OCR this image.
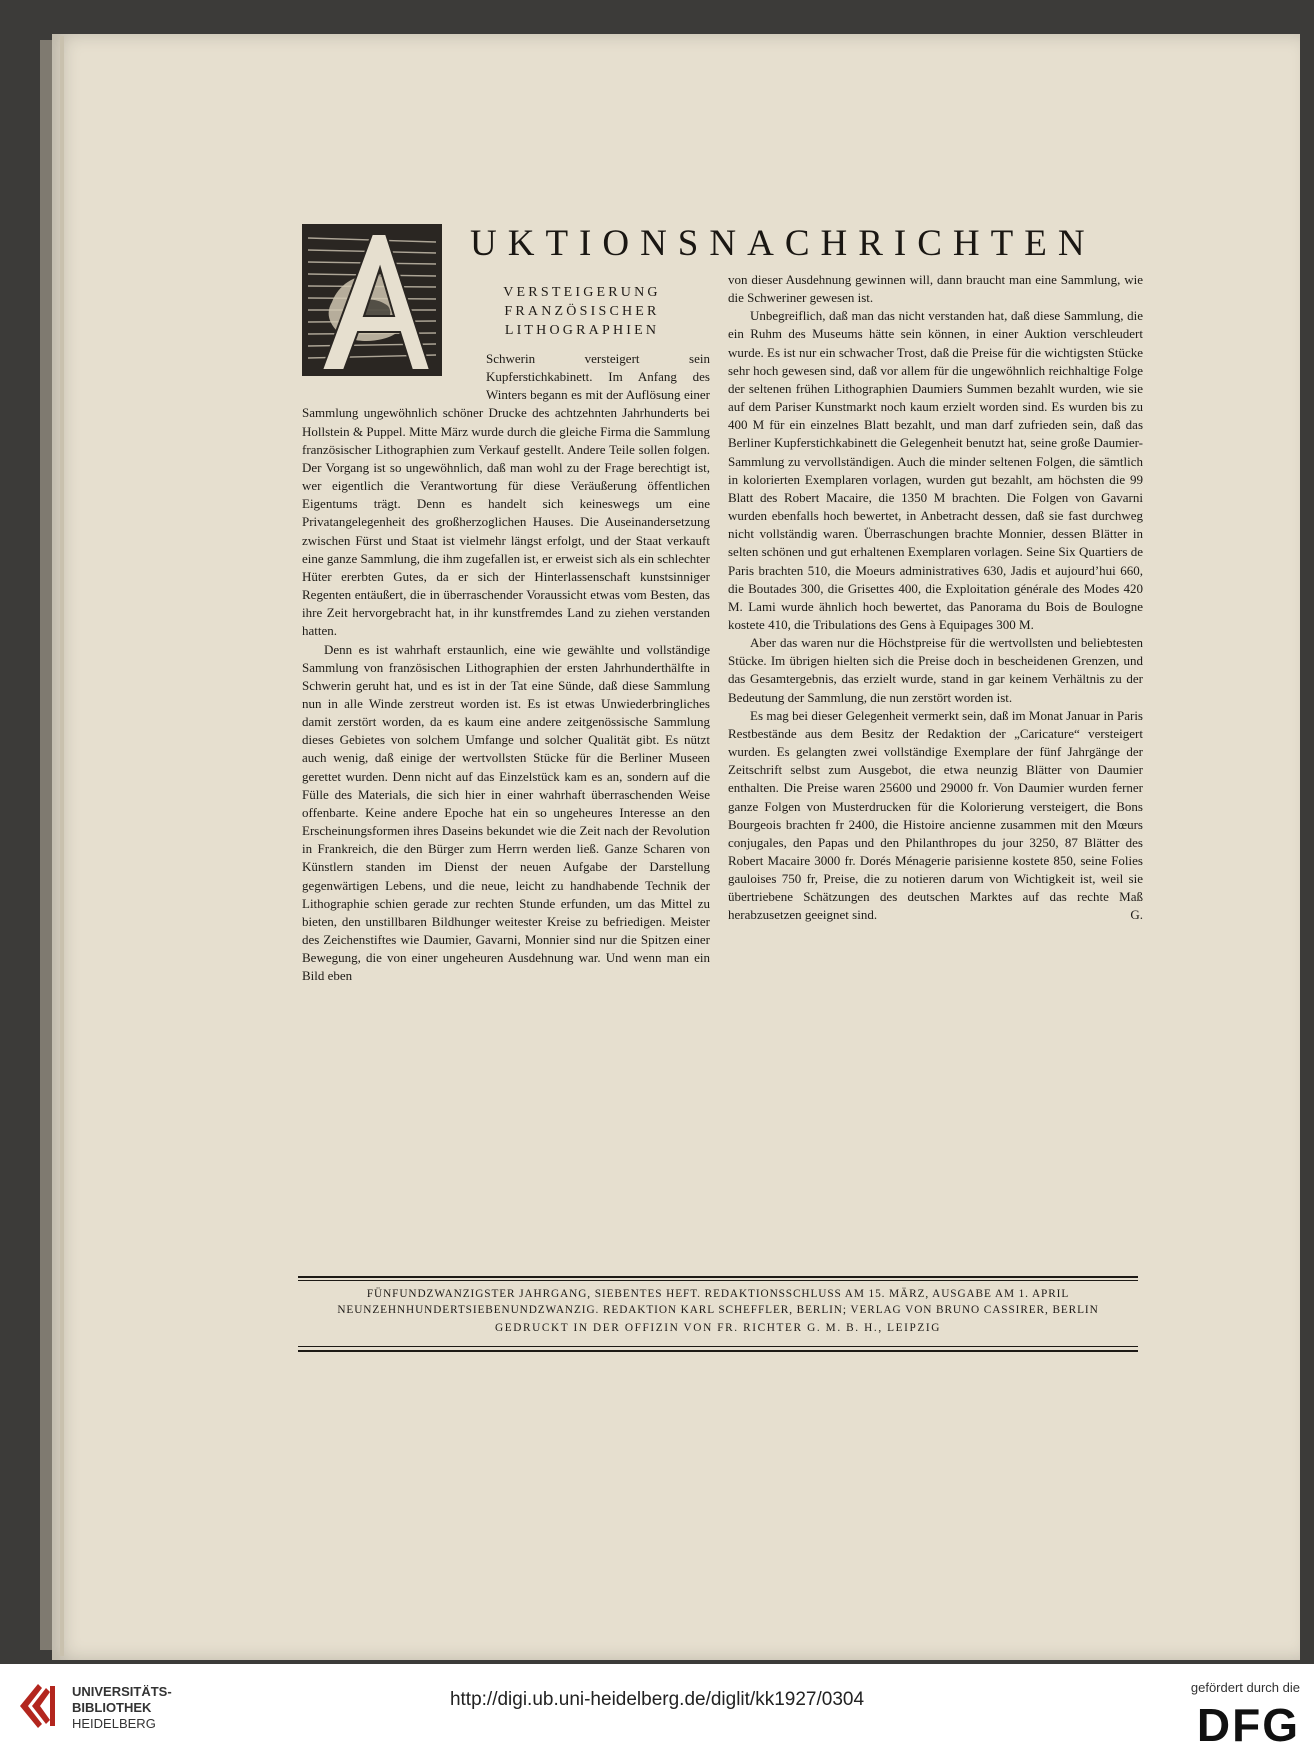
UKTIONSNACHRICHTEN
VERSTEIGERUNG
FRANZÖSISCHER
LITHOGRAPHIEN

Schwerin versteigert sein Kupferstichkabinett. Im Anfang des Winters begann es mit der Auflösung einer Sammlung ungewöhnlich schöner Drucke des achtzehnten Jahrhunderts bei Hollstein & Puppel. Mitte März wurde durch die gleiche Firma die Sammlung französischer Lithographien zum Verkauf gestellt. Andere Teile sollen folgen. Der Vorgang ist so ungewöhnlich, daß man wohl zu der Frage berechtigt ist, wer eigentlich die Verantwortung für diese Veräußerung öffentlichen Eigentums trägt. Denn es handelt sich keineswegs um eine Privatangelegenheit des großherzoglichen Hauses. Die Auseinandersetzung zwischen Fürst und Staat ist vielmehr längst erfolgt, und der Staat verkauft eine ganze Sammlung, die ihm zugefallen ist, er erweist sich als ein schlechter Hüter ererbten Gutes, da er sich der Hinterlassenschaft kunstsinniger Regenten entäußert, die in überraschender Voraussicht etwas vom Besten, das ihre Zeit hervorgebracht hat, in ihr kunstfremdes Land zu ziehen verstanden hatten.

Denn es ist wahrhaft erstaunlich, eine wie gewählte und vollständige Sammlung von französischen Lithographien der ersten Jahrhunderthälfte in Schwerin geruht hat, und es ist in der Tat eine Sünde, daß diese Sammlung nun in alle Winde zerstreut worden ist. Es ist etwas Unwiederbringliches damit zerstört worden, da es kaum eine andere zeitgenössische Sammlung dieses Gebietes von solchem Umfange und solcher Qualität gibt. Es nützt auch wenig, daß einige der wertvollsten Stücke für die Berliner Museen gerettet wurden. Denn nicht auf das Einzelstück kam es an, sondern auf die Fülle des Materials, die sich hier in einer wahrhaft überraschenden Weise offenbarte. Keine andere Epoche hat ein so ungeheures Interesse an den Erscheinungsformen ihres Daseins bekundet wie die Zeit nach der Revolution in Frankreich, die den Bürger zum Herrn werden ließ. Ganze Scharen von Künstlern standen im Dienst der neuen Aufgabe der Darstellung gegenwärtigen Lebens, und die neue, leicht zu handhabende Technik der Lithographie schien gerade zur rechten Stunde erfunden, um das Mittel zu bieten, den unstillbaren Bildhunger weitester Kreise zu befriedigen. Meister des Zeichenstiftes wie Daumier, Gavarni, Monnier sind nur die Spitzen einer Bewegung, die von einer ungeheuren Ausdehnung war. Und wenn man ein Bild eben

von dieser Ausdehnung gewinnen will, dann braucht man eine Sammlung, wie die Schweriner gewesen ist.

Unbegreiflich, daß man das nicht verstanden hat, daß diese Sammlung, die ein Ruhm des Museums hätte sein können, in einer Auktion verschleudert wurde. Es ist nur ein schwacher Trost, daß die Preise für die wichtigsten Stücke sehr hoch gewesen sind, daß vor allem für die ungewöhnlich reichhaltige Folge der seltenen frühen Lithographien Daumiers Summen bezahlt wurden, wie sie auf dem Pariser Kunstmarkt noch kaum erzielt worden sind. Es wurden bis zu 400 M für ein einzelnes Blatt bezahlt, und man darf zufrieden sein, daß das Berliner Kupferstichkabinett die Gelegenheit benutzt hat, seine große Daumier-Sammlung zu vervollständigen. Auch die minder seltenen Folgen, die sämtlich in kolorierten Exemplaren vorlagen, wurden gut bezahlt, am höchsten die 99 Blatt des Robert Macaire, die 1350 M brachten. Die Folgen von Gavarni wurden ebenfalls hoch bewertet, in Anbetracht dessen, daß sie fast durchweg nicht vollständig waren. Überraschungen brachte Monnier, dessen Blätter in selten schönen und gut erhaltenen Exemplaren vorlagen. Seine Six Quartiers de Paris brachten 510, die Moeurs administratives 630, Jadis et aujourd’hui 660, die Boutades 300, die Grisettes 400, die Exploitation générale des Modes 420 M. Lami wurde ähnlich hoch bewertet, das Panorama du Bois de Boulogne kostete 410, die Tribulations des Gens à Equipages 300 M.

Aber das waren nur die Höchstpreise für die wertvollsten und beliebtesten Stücke. Im übrigen hielten sich die Preise doch in bescheidenen Grenzen, und das Gesamtergebnis, das erzielt wurde, stand in gar keinem Verhältnis zu der Bedeutung der Sammlung, die nun zerstört worden ist.

Es mag bei dieser Gelegenheit vermerkt sein, daß im Monat Januar in Paris Restbestände aus dem Besitz der Redaktion der „Caricature“ versteigert wurden. Es gelangten zwei vollständige Exemplare der fünf Jahrgänge der Zeitschrift selbst zum Ausgebot, die etwa neunzig Blätter von Daumier enthalten. Die Preise waren 25600 und 29000 fr. Von Daumier wurden ferner ganze Folgen von Musterdrucken für die Kolorierung versteigert, die Bons Bourgeois brachten fr 2400, die Histoire ancienne zusammen mit den Mœurs conjugales, den Papas und den Philanthropes du jour 3250, 87 Blätter des Robert Macaire 3000 fr. Dorés Ménagerie parisienne kostete 850, seine Folies gauloises 750 fr, Preise, die zu notieren darum von Wichtigkeit ist, weil sie übertriebene Schätzungen des deutschen Marktes auf das rechte Maß herabzusetzen geeignet sind.	G.

FÜNFUNDZWANZIGSTER JAHRGANG, SIEBENTES HEFT. REDAKTIONSSCHLUSS AM 15. MÄRZ, AUSGABE AM 1. APRIL
NEUNZEHNHUNDERTSIEBENUNDZWANZIG. REDAKTION KARL SCHEFFLER, BERLIN; VERLAG VON BRUNO CASSIRER, BERLIN
GEDRUCKT IN DER OFFIZIN VON FR. RICHTER G. M. B. H., LEIPZIG
UNIVERSITÄTS-
BIBLIOTHEK
HEIDELBERG
http://digi.ub.uni-heidelberg.de/diglit/kk1927/0304
gefördert durch die
DFG
